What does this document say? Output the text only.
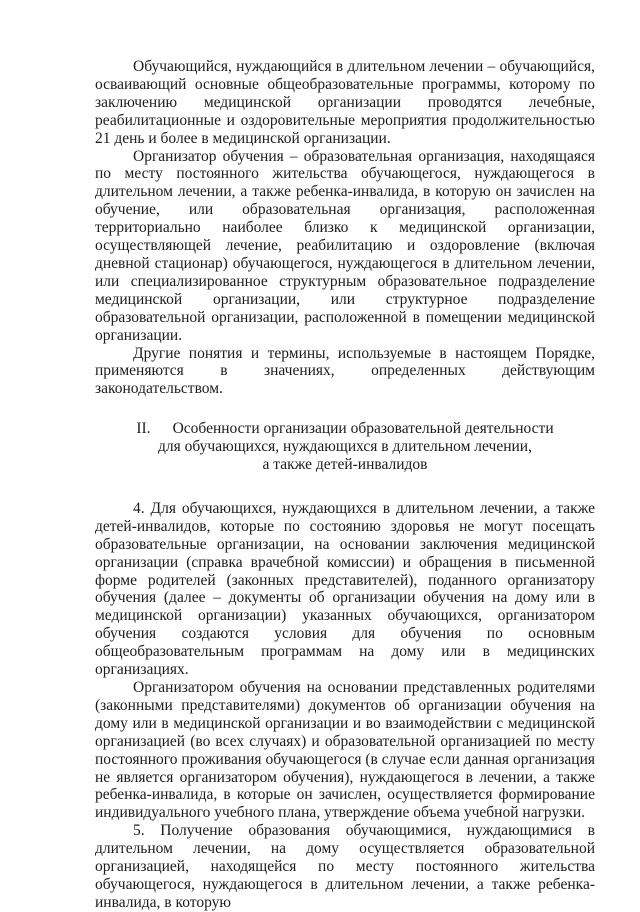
Обучающийся, нуждающийся в длительном лечении – обучающийся, осваивающий основные общеобразовательные программы, которому по заключению медицинской организации проводятся лечебные, реабилитационные и оздоровительные мероприятия продолжительностью 21 день и более в медицинской организации.

Организатор обучения – образовательная организация, находящаяся по месту постоянного жительства обучающегося, нуждающегося в длительном лечении, а также ребенка-инвалида, в которую он зачислен на обучение, или образовательная организация, расположенная территориально наиболее близко к медицинской организации, осуществляющей лечение, реабилитацию и оздоровление (включая дневной стационар) обучающегося, нуждающегося в длительном лечении, или специализированное структурным образовательное подразделение медицинской организации, или структурное подразделение образовательной организации, расположенной в помещении медицинской организации.

Другие понятия и термины, используемые в настоящем Порядке, применяются в значениях, определенных действующим законодательством.

II. Особенности организации образовательной деятельности
для обучающихся, нуждающихся в длительном лечении,
а также детей-инвалидов

4. Для обучающихся, нуждающихся в длительном лечении, а также детей-инвалидов, которые по состоянию здоровья не могут посещать образовательные организации, на основании заключения медицинской организации (справка врачебной комиссии) и обращения в письменной форме родителей (законных представителей), поданного организатору обучения (далее – документы об организации обучения на дому или в медицинской организации) указанных обучающихся, организатором обучения создаются условия для обучения по основным общеобразовательным программам на дому или в медицинских организациях.

Организатором обучения на основании представленных родителями (законными представителями) документов об организации обучения на дому или в медицинской организации и во взаимодействии с медицинской организацией (во всех случаях) и образовательной организацией по месту постоянного проживания обучающегося (в случае если данная организация не является организатором обучения), нуждающегося в лечении, а также ребенка-инвалида, в которые он зачислен, осуществляется формирование индивидуального учебного плана, утверждение объема учебной нагрузки.

5. Получение образования обучающимися, нуждающимися в длительном лечении, на дому осуществляется образовательной организацией, находящейся по месту постоянного жительства обучающегося, нуждающегося в длительном лечении, а также ребенка-инвалида, в которую
